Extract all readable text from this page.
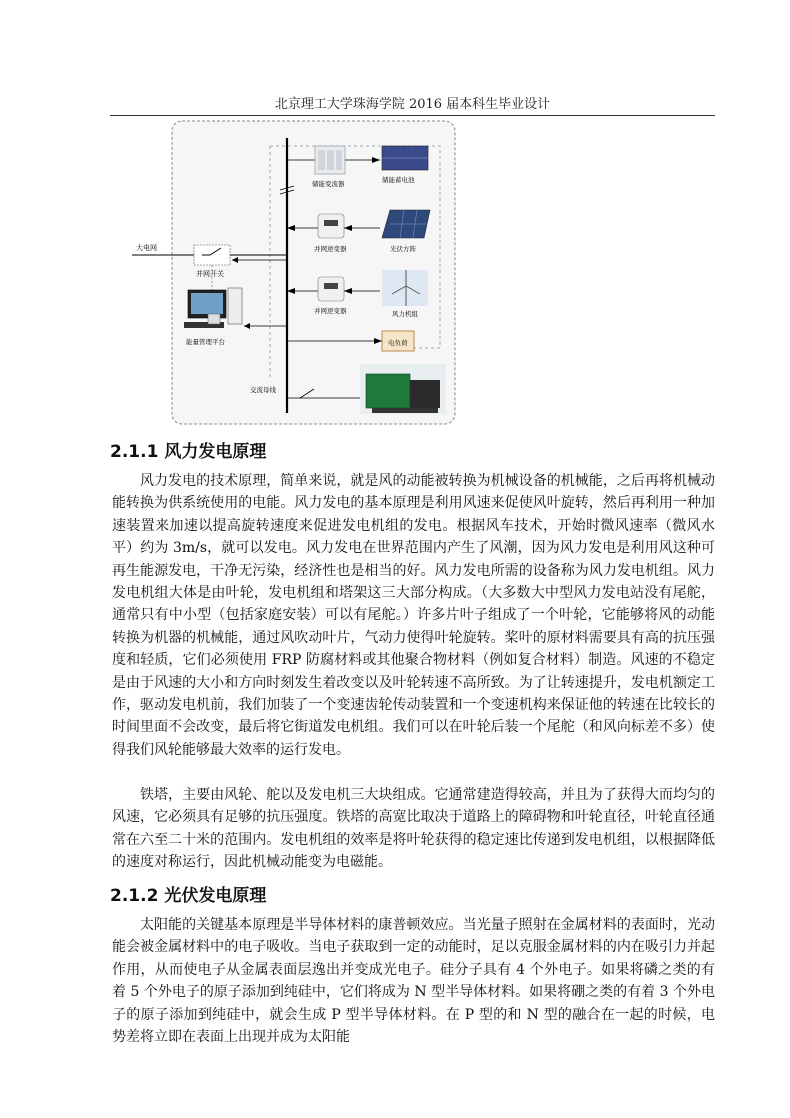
北京理工大学珠海学院 2016 届本科生毕业设计
大电网
并网开关
储能变流器	储能蓄电池
并网逆变器	光伏方阵
并网逆变器	风力机组
能量管理平台	电负荷
交流母线
2.1.1 风力发电原理

风力发电的技术原理，简单来说，就是风的动能被转换为机械设备的机械能，之后再将机械动能转换为供系统使用的电能。风力发电的基本原理是利用风速来促使风叶旋转，然后再利用一种加速装置来加速以提高旋转速度来促进发电机组的发电。根据风车技术，开始时微风速率（微风水平）约为 3m/s，就可以发电。风力发电在世界范围内产生了风潮，因为风力发电是利用风这种可再生能源发电，干净无污染，经济性也是相当的好。风力发电所需的设备称为风力发电机组。风力发电机组大体是由叶轮，发电机组和塔架这三大部分构成。（大多数大中型风力发电站没有尾舵，通常只有中小型（包括家庭安装）可以有尾舵。）许多片叶子组成了一个叶轮，它能够将风的动能转换为机器的机械能，通过风吹动叶片，气动力使得叶轮旋转。桨叶的原材料需要具有高的抗压强度和轻质，它们必须使用 FRP 防腐材料或其他聚合物材料（例如复合材料）制造。风速的不稳定是由于风速的大小和方向时刻发生着改变以及叶轮转速不高所致。为了让转速提升，发电机额定工作，驱动发电机前，我们加装了一个变速齿轮传动装置和一个变速机构来保证他的转速在比较长的时间里面不会改变，最后将它街道发电机组。我们可以在叶轮后装一个尾舵（和风向标差不多）使得我们风轮能够最大效率的运行发电。

铁塔，主要由风轮、舵以及发电机三大块组成。它通常建造得较高，并且为了获得大而均匀的风速，它必须具有足够的抗压强度。铁塔的高宽比取决于道路上的障碍物和叶轮直径，叶轮直径通常在六至二十米的范围内。发电机组的效率是将叶轮获得的稳定速比传递到发电机组，以根据降低的速度对称运行，因此机械动能变为电磁能。

2.1.2 光伏发电原理

太阳能的关键基本原理是半导体材料的康普顿效应。当光量子照射在金属材料的表面时，光动能会被金属材料中的电子吸收。当电子获取到一定的动能时，足以克服金属材料的内在吸引力并起作用，从而使电子从金属表面层逸出并变成光电子。硅分子具有 4 个外电子。如果将磷之类的有着 5 个外电子的原子添加到纯硅中，它们将成为 N 型半导体材料。如果将硼之类的有着 3 个外电子的原子添加到纯硅中，就会生成 P 型半导体材料。在 P 型的和 N 型的融合在一起的时候，电势差将立即在表面上出现并成为太阳能
